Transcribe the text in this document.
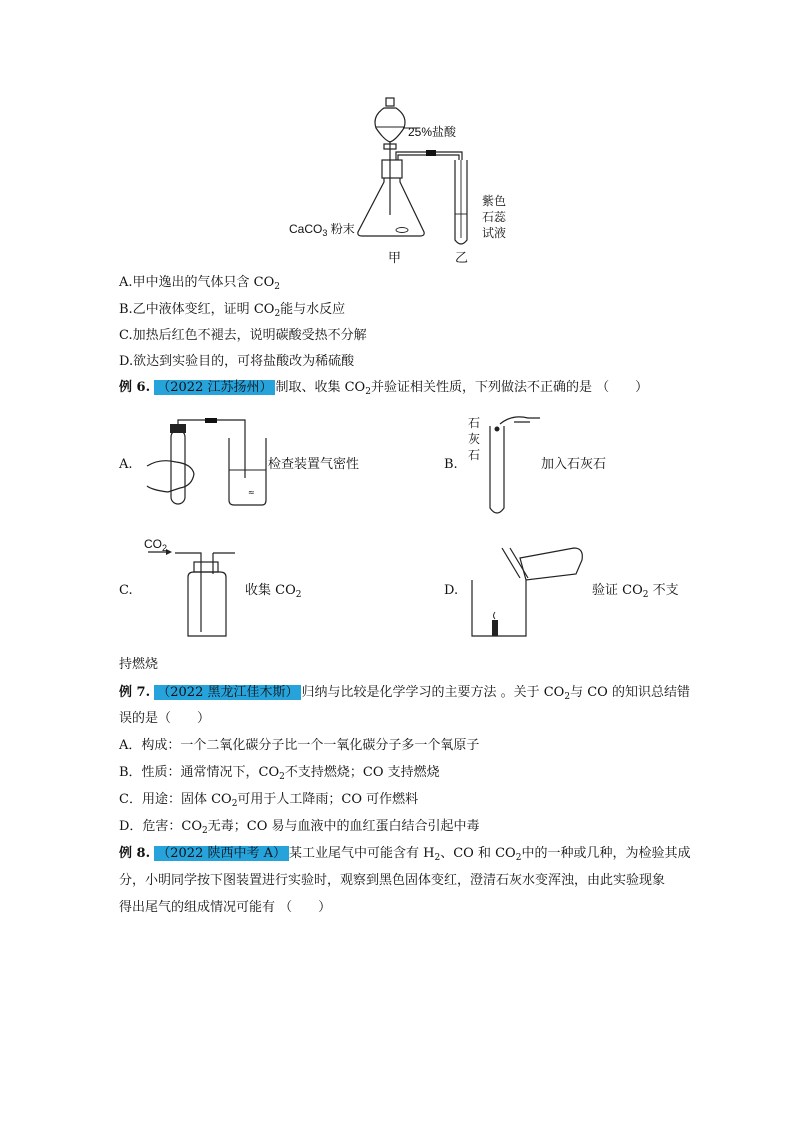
25%盐酸
CaCO$_3$ 粉末
甲	乙
紫色
石蕊
试液
A.甲中逸出的气体只含 $CO_2$
B.乙中液体变红，证明 $CO_2$能与水反应
C.加热后红色不褪去，说明碳酸受热不分解
D.欲达到实验目的，可将盐酸改为稀硫酸
例 6. （2022 江苏扬州） 制取、收集 $CO_2$并验证相关性质，下列做法不正确的是 （　　）
≈
A.	检查装置气密性	B.
石
灰
石
加入石灰石
$CO_2$
C.	收集 $CO_2$	D.	验证 $CO_2$ 不支
持燃烧
例 7. （2022 黑龙江佳木斯） 归纳与比较是化学学习的主要方法 。关于 $CO_2$与 CO 的知识总结错
误的是（　　）
A．构成：一个二氧化碳分子比一个一氧化碳分子多一个氧原子
B．性质：通常情况下，$CO_2$不支持燃烧；CO 支持燃烧
C．用途：固体 $CO_2$可用于人工降雨；CO 可作燃料
D．危害：$CO_2$无毒；CO 易与血液中的血红蛋白结合引起中毒
例 8. （2022 陕西中考 A） 某工业尾气中可能含有 $H_2$、CO 和 $CO_2$中的一种或几种，为检验其成
分，小明同学按下图装置进行实验时，观察到黑色固体变红，澄清石灰水变浑浊，由此实验现象
得出尾气的组成情况可能有 （　　）
